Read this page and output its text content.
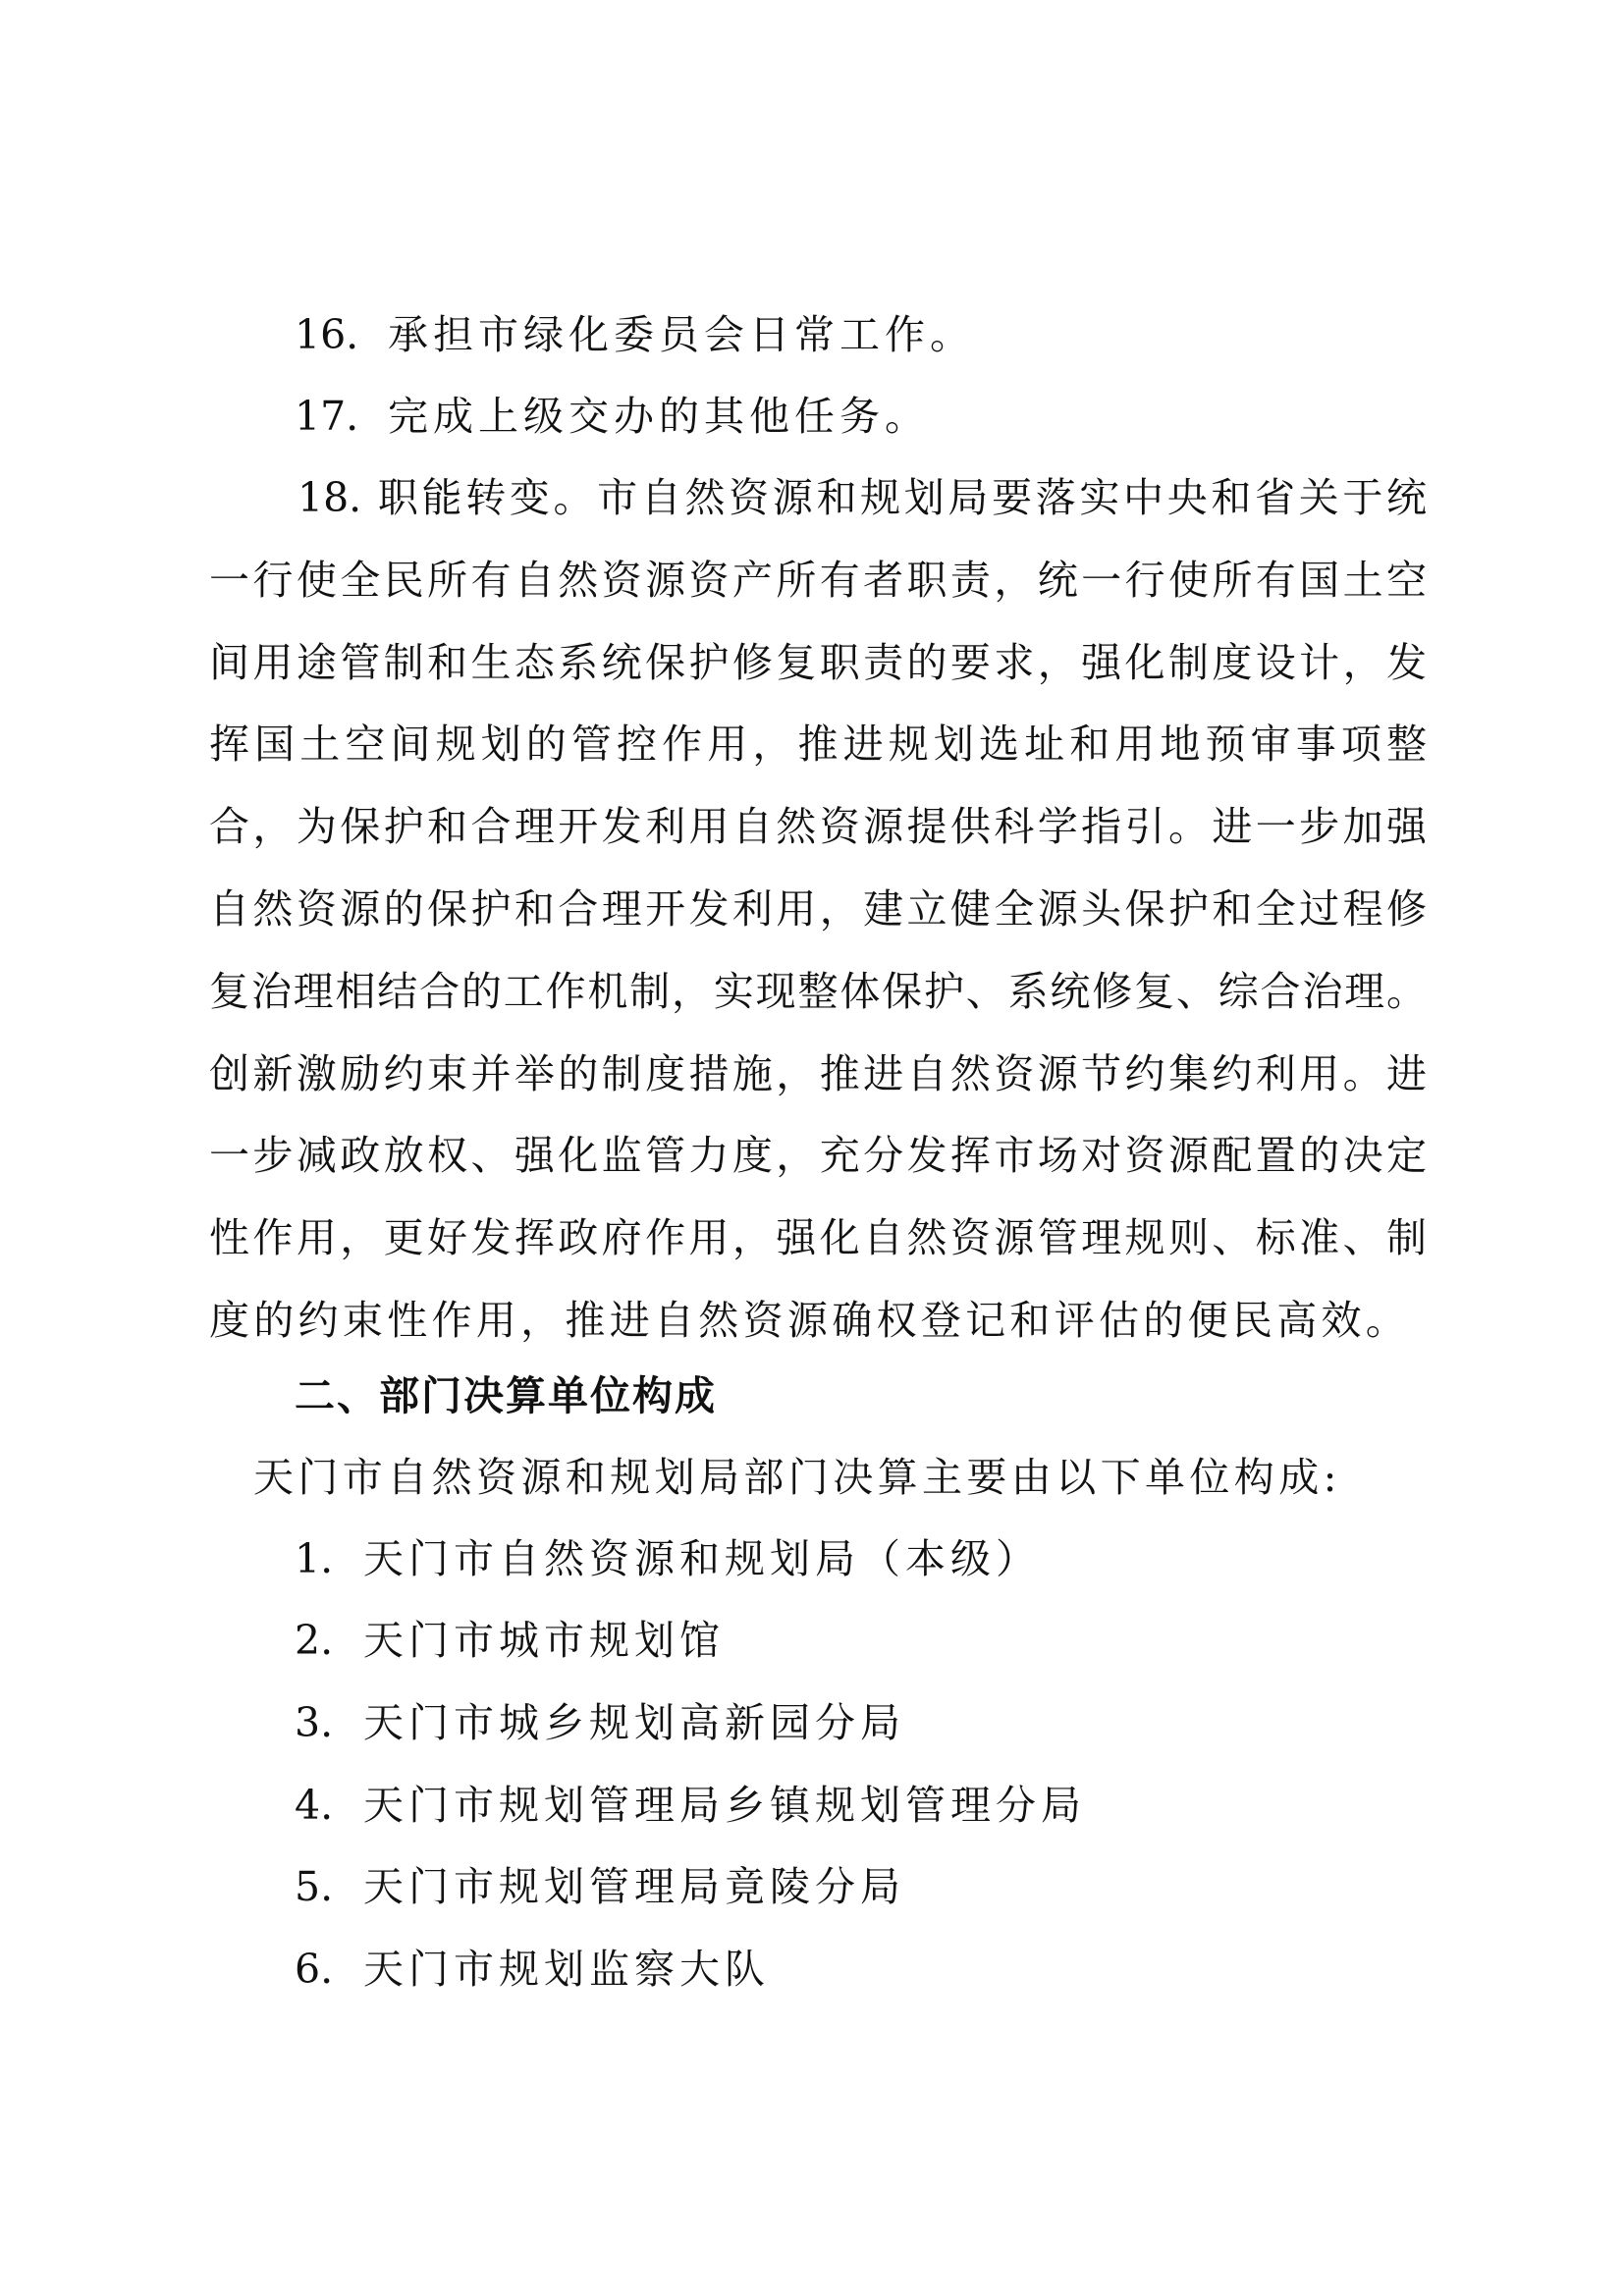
16. 承担市绿化委员会日常工作。
17. 完成上级交办的其他任务。
18. 职能转变。市自然资源和规划局要落实中央和省关于统
一行使全民所有自然资源资产所有者职责，统一行使所有国土空
间用途管制和生态系统保护修复职责的要求，强化制度设计，发
挥国土空间规划的管控作用，推进规划选址和用地预审事项整
合，为保护和合理开发利用自然资源提供科学指引。进一步加强
自然资源的保护和合理开发利用，建立健全源头保护和全过程修
复治理相结合的工作机制，实现整体保护、系统修复、综合治理。
创新激励约束并举的制度措施，推进自然资源节约集约利用。进
一步减政放权、强化监管力度，充分发挥市场对资源配置的决定
性作用，更好发挥政府作用，强化自然资源管理规则、标准、制
度的约束性作用，推进自然资源确权登记和评估的便民高效。
二、部门决算单位构成
天门市自然资源和规划局部门决算主要由以下单位构成:
1. 天门市自然资源和规划局（本级）
2. 天门市城市规划馆
3. 天门市城乡规划高新园分局
4. 天门市规划管理局乡镇规划管理分局
5. 天门市规划管理局竟陵分局
6. 天门市规划监察大队
